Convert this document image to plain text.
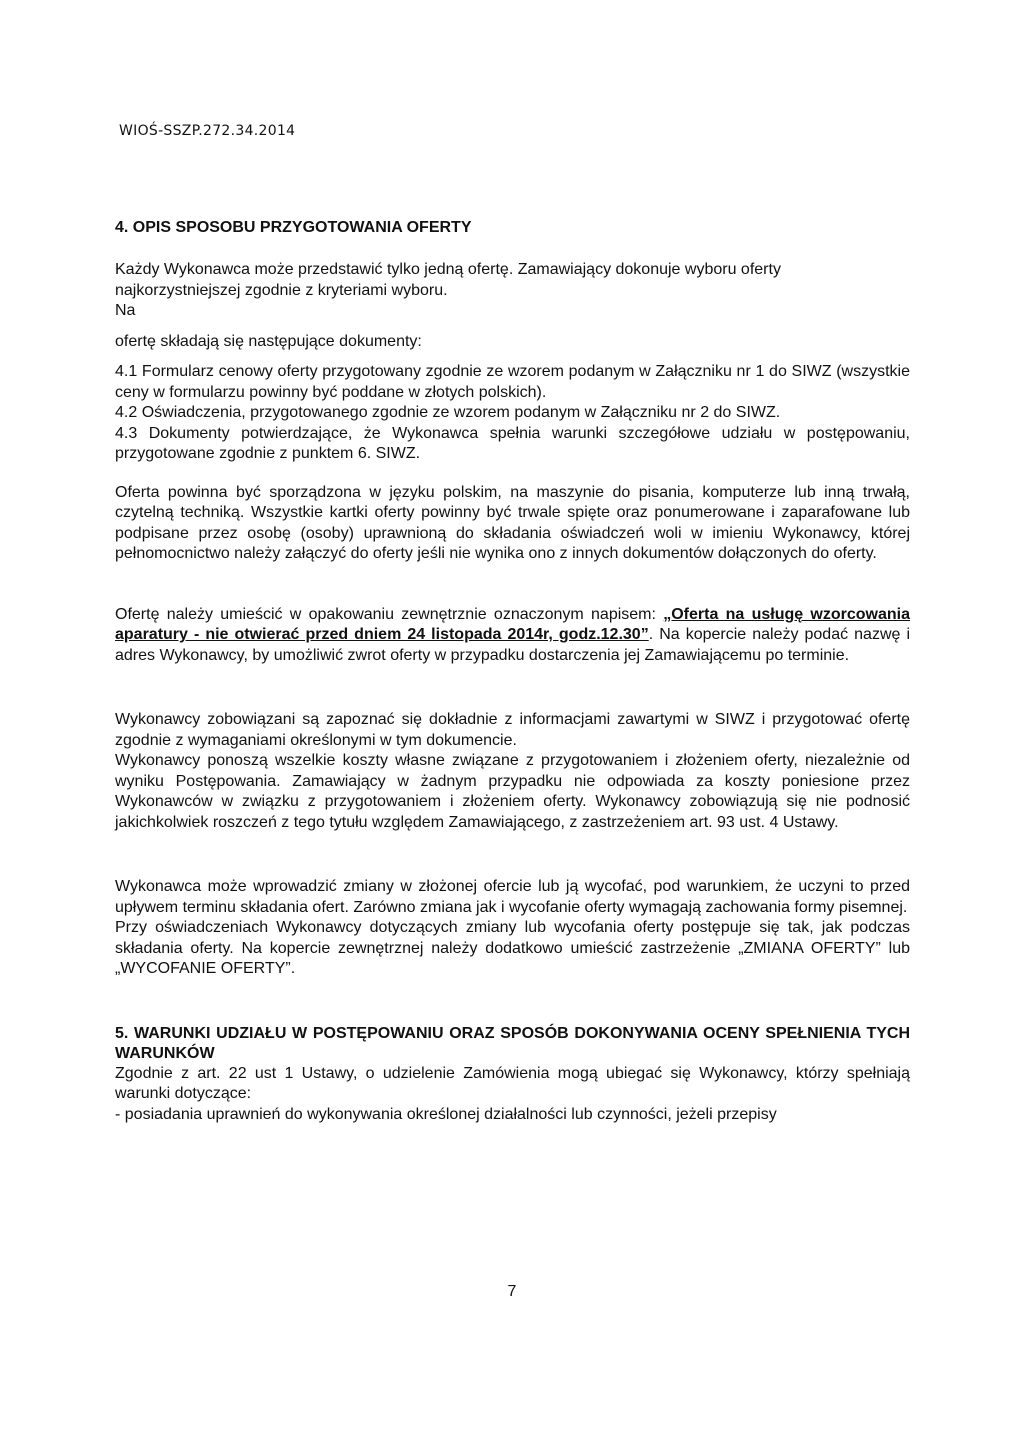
WIOŚ-SSZP.272.34.2014
4. OPIS SPOSOBU PRZYGOTOWANIA OFERTY

Każdy Wykonawca może przedstawić tylko jedną ofertę. Zamawiający dokonuje wyboru oferty najkorzystniejszej zgodnie z kryteriami wyboru.

Na

ofertę składają się następujące dokumenty:

4.1 Formularz cenowy oferty przygotowany zgodnie ze wzorem podanym w Załączniku nr 1 do SIWZ (wszystkie ceny w formularzu powinny być poddane w złotych polskich).

4.2 Oświadczenia, przygotowanego zgodnie ze wzorem podanym w Załączniku nr 2 do SIWZ.

4.3 Dokumenty potwierdzające, że Wykonawca spełnia warunki szczegółowe udziału w postępowaniu, przygotowane zgodnie z punktem 6. SIWZ.

Oferta powinna być sporządzona w języku polskim, na maszynie do pisania, komputerze lub inną trwałą, czytelną techniką. Wszystkie kartki oferty powinny być trwale spięte oraz ponumerowane i zaparafowane lub podpisane przez osobę (osoby) uprawnioną do składania oświadczeń woli w imieniu Wykonawcy, której pełnomocnictwo należy załączyć do oferty jeśli nie wynika ono z innych dokumentów dołączonych do oferty.

Ofertę należy umieścić w opakowaniu zewnętrznie oznaczonym napisem: „Oferta na usługę wzorcowania aparatury - nie otwierać przed dniem 24 listopada 2014r, godz.12.30”. Na kopercie należy podać nazwę i adres Wykonawcy, by umożliwić zwrot oferty w przypadku dostarczenia jej Zamawiającemu po terminie.

Wykonawcy zobowiązani są zapoznać się dokładnie z informacjami zawartymi w SIWZ i przygotować ofertę zgodnie z wymaganiami określonymi w tym dokumencie.

Wykonawcy ponoszą wszelkie koszty własne związane z przygotowaniem i złożeniem oferty, niezależnie od wyniku Postępowania. Zamawiający w żadnym przypadku nie odpowiada za koszty poniesione przez Wykonawców w związku z przygotowaniem i złożeniem oferty. Wykonawcy zobowiązują się nie podnosić jakichkolwiek roszczeń z tego tytułu względem Zamawiającego, z zastrzeżeniem art. 93 ust. 4 Ustawy.

Wykonawca może wprowadzić zmiany w złożonej ofercie lub ją wycofać, pod warunkiem, że uczyni to przed upływem terminu składania ofert. Zarówno zmiana jak i wycofanie oferty wymagają zachowania formy pisemnej.

Przy oświadczeniach Wykonawcy dotyczących zmiany lub wycofania oferty postępuje się tak, jak podczas składania oferty. Na kopercie zewnętrznej należy dodatkowo umieścić zastrzeżenie „ZMIANA OFERTY” lub „WYCOFANIE OFERTY”.

5. WARUNKI UDZIAŁU W POSTĘPOWANIU ORAZ SPOSÓB DOKONYWANIA OCENY SPEŁNIENIA TYCH WARUNKÓW

Zgodnie z art. 22 ust 1 Ustawy, o udzielenie Zamówienia mogą ubiegać się Wykonawcy, którzy spełniają warunki dotyczące:

- posiadania uprawnień do wykonywania określonej działalności lub czynności, jeżeli przepisy

7
